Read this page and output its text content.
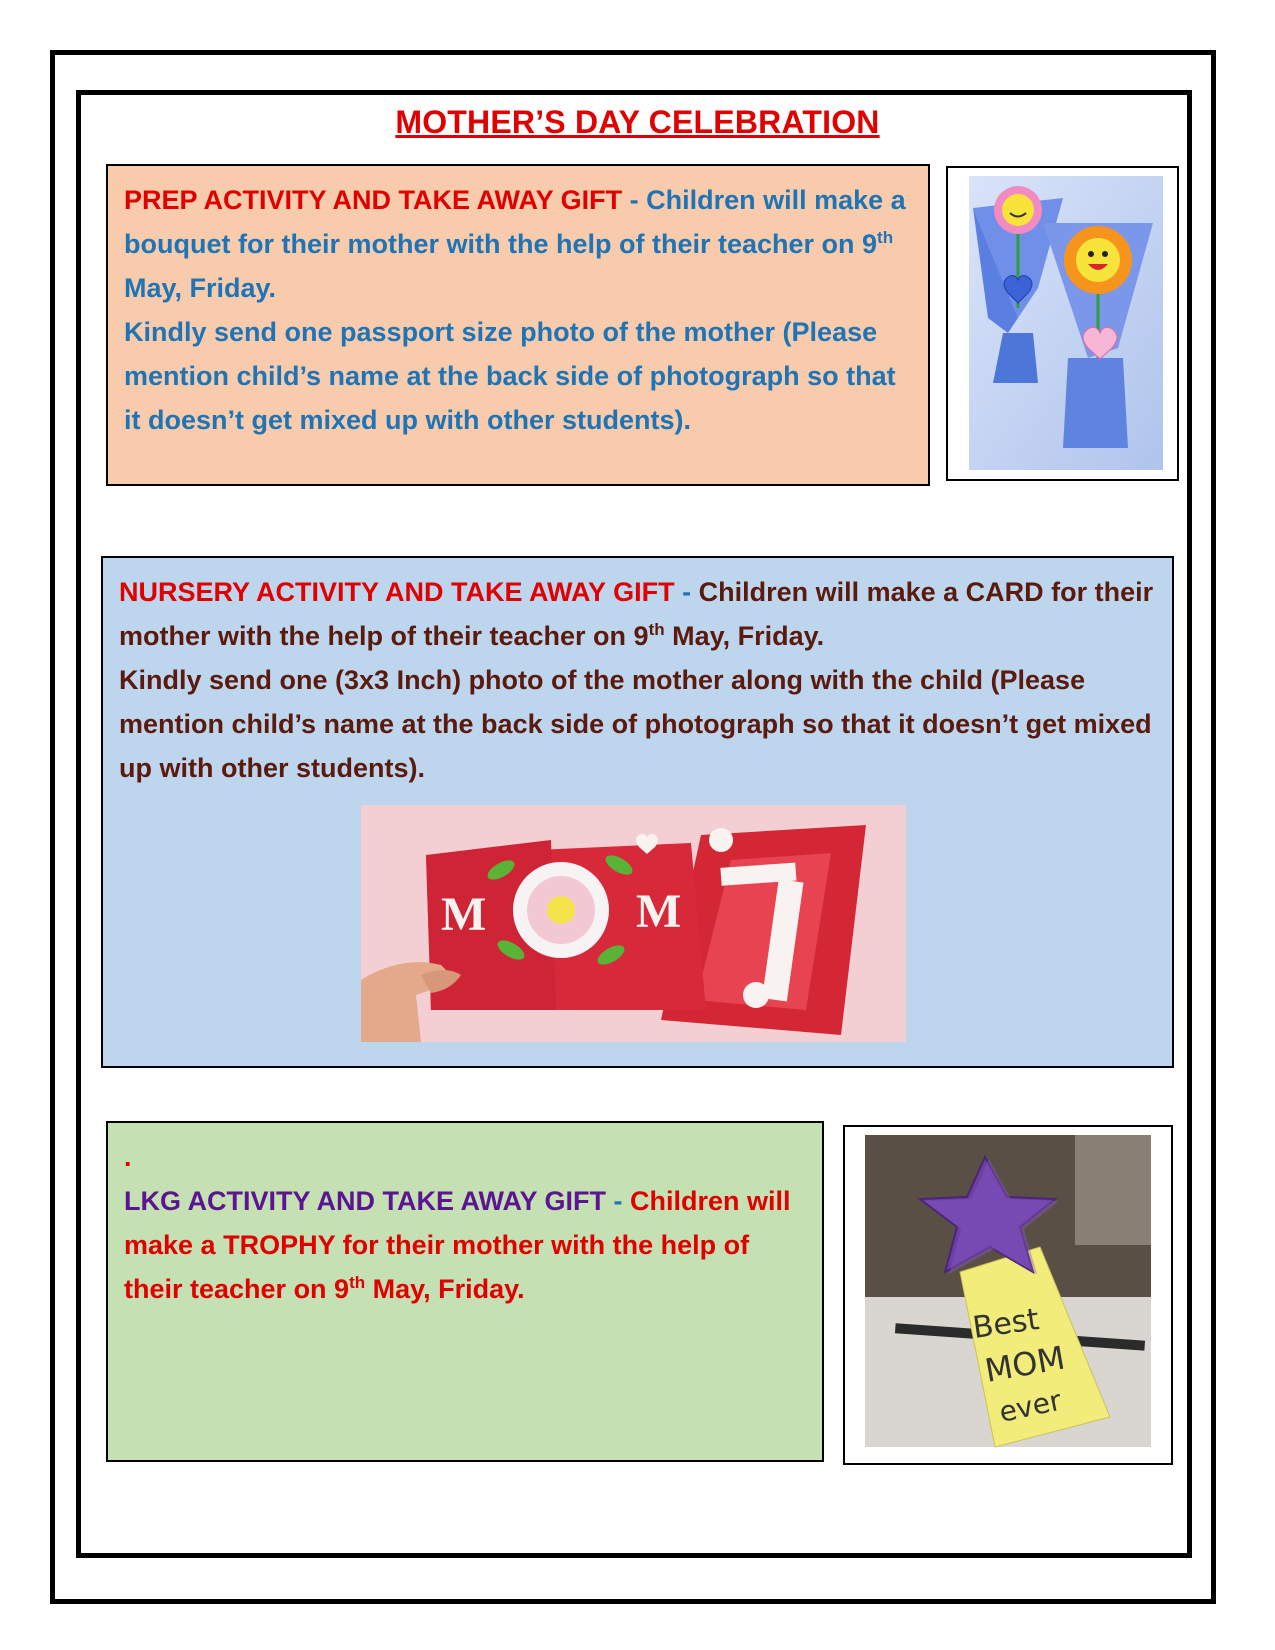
MOTHER’S DAY CELEBRATION

PREP ACTIVITY AND TAKE AWAY GIFT - Children will make a bouquet for their mother with the help of their teacher on 9th May, Friday.

Kindly send one passport size photo of the mother (Please mention child’s name at the back side of photograph so that it doesn’t get mixed up with other students).

NURSERY ACTIVITY AND TAKE AWAY GIFT - Children will make a CARD for their mother with the help of their teacher on 9th May, Friday.

Kindly send one (3x3 Inch) photo of the mother along with the child (Please mention child’s name at the back side of photograph so that it doesn’t get mixed up with other students).

M	M

.

LKG ACTIVITY AND TAKE AWAY GIFT - Children will make a TROPHY for their mother with the help of their teacher on 9th May, Friday.

Best
MOM
ever
